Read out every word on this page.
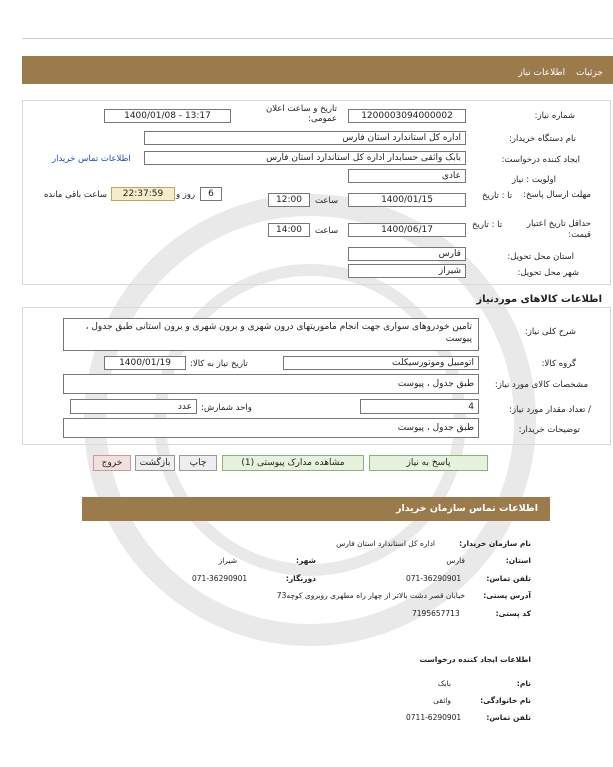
جزئیات اطلاعات نیاز
شماره نیاز:
1200003094000002
تاریخ و ساعت اعلان عمومی:
1400/01/08 - 13:17
نام دستگاه خریدار:
اداره کل استاندارد استان فارس
ایجاد کننده درخواست:
بابک واثقی حسابدار اداره کل استاندارد استان فارس
اطلاعات تماس خریدار
اولویت : نیاز
عادی
مهلت ارسال پاسخ:
تا : تاریخ
1400/01/15
ساعت
12:00
6
روز و
22:37:59
ساعت باقی مانده
حداقل تاریخ اعتبار قیمت:
تا : تاریخ
1400/06/17
ساعت
14:00
استان محل تحویل:
فارس
شهر محل تحویل:
شیراز
اطلاعات کالاهای موردنیاز
شرح کلی نیاز:
تامین خودروهای سواری جهت انجام ماموریتهای درون شهری و برون شهری و برون استانی طبق جدول ، پیوست
گروه کالا:
اتومبیل وموتورسیکلت
تاریخ نیاز به کالا:
1400/01/19
مشخصات کالای مورد نیاز:
طبق جدول ، پیوست
/ تعداد مقدار مورد نیاز:
4
واحد شمارش:
عدد
توضیحات خریدار:
طبق جدول ، پیوست
پاسخ به نیاز
مشاهده مدارک پیوستی (1)
چاپ
بازگشت
خروج
اطلاعات تماس سازمان خریدار
نام سازمان خریدار:
اداره کل استاندارد استان فارس
استان:
فارس
شهر:
شیراز
تلفن تماس:
071-36290901
دورنگار:
071-36290901
آدرس پستی:
خیابان قصر دشت بالاتر از چهار راه مطهری روبروی کوچه73
کد پستی:
7195657713
اطلاعات ایجاد کننده درخواست
نام:
بابک
نام خانوادگی:
واثقی
تلفن تماس:
0711-6290901
